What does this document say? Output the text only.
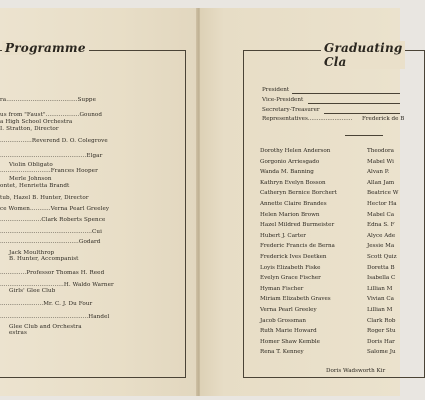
Programme
ra......................................Suppe
us from "Faust"..................Gounod
a High School Orchestra
I. Stratton, Director
.................Reverend D. O. Colegrove
..............................................Elgar
Violin Obligato
...........................Frances Hooper
Merle Johnson
ontet, Henrietta Brandt
tub, Hazel B. Hunter, Director
ce Women...........Verna Pearl Greeley
......................Clark Roberts Spence
.................................................Cui
..........................................Godard
Jack Moulthrop
B. Hunter, Accompanist
..............Professor Thomas H. Reed
..................................H. Waldo Warner
Girls' Glee Club
.......................Mr. C. J. Du Four
...............................................Handel
Glee Club and Orchestra
estras
Graduating Cla
President
Vice-President
Secretary-Treasurer
Representatives......................... Frederick de B
Dorothy Helen Anderson
Gorgonio Arriesgado
Wanda M. Banning
Kathryn Evelyn Bosson
Catheryn Bernice Borchert
Annette Claire Brandes
Helen Marion Brown
Hazel Mildred Burmeister
Hubert J. Carter
Frederic Francis de Berna
Frederick Ives Deetken
Loyis Elizabeth Fiske
Evelyn Grace Fischer
Hyman Fischer
Miriam Elizabeth Graves
Verna Pearl Greeley
Jacob Grossman
Ruth Marie Howard
Homer Shaw Kemble
Rena T. Kenney
Theodora
Mabel Wi
Alvan P.
Allan Jam
Beatrice W
Hector Ha
Mabel Ca
Edna S. F
Alyce Ade
Jessie Ma
Scott Quiz
Doretta B
Isabella C
Lillian M
Vivian Ca
Lillian M
Clark Rob
Roger Stu
Doris Har
Salome Ju
Doris Wadsworth Kir
